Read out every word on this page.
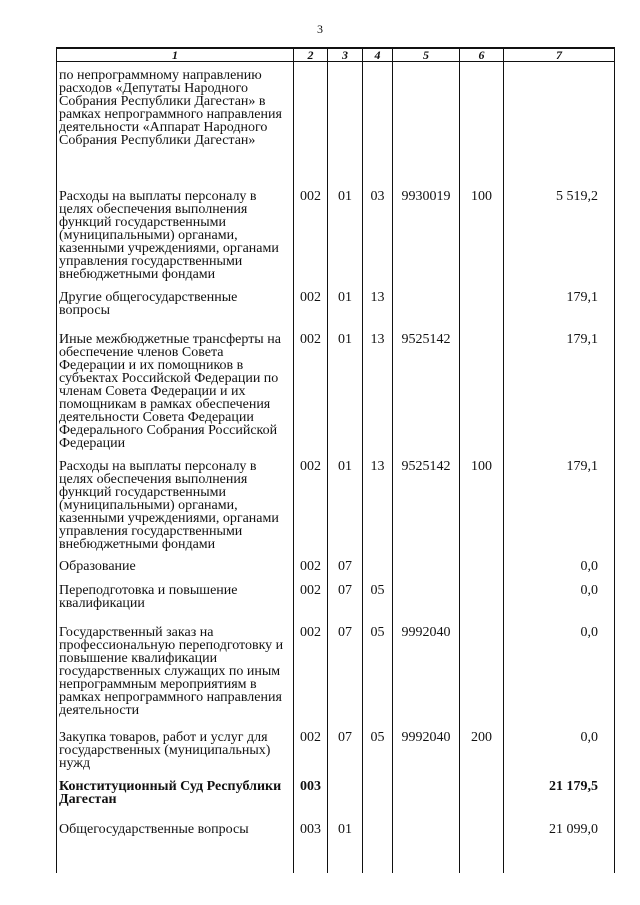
3
1	2	3	4	5	6	7
по непрограммному направлению расходов «Депутаты Народного Собрания Республики Дагестан» в рамках непрограммного направления деятельности «Аппарат Народного Собрания Республики Дагестан»						
Расходы на выплаты персоналу в целях обеспечения выполнения функций государственными (муниципальными) органами, казенными учреждениями, органами управления государственными внебюджетными фондами	002	01	03	9930019	100	5 519,2
Другие общегосударственные вопросы	002	01	13			179,1
Иные межбюджетные трансферты на обеспечение членов Совета Федерации и их помощников в субъектах Российской Федерации по членам Совета Федерации и их помощникам в рамках обеспечения деятельности Совета Федерации Федерального Собрания Российской Федерации	002	01	13	9525142		179,1
Расходы на выплаты персоналу в целях обеспечения выполнения функций государственными (муниципальными) органами, казенными учреждениями, органами управления государственными внебюджетными фондами	002	01	13	9525142	100	179,1
Образование	002	07				0,0
Переподготовка и повышение квалификации	002	07	05			0,0
Государственный заказ на профессиональную переподготовку и повышение квалификации государственных служащих по иным непрограммным мероприятиям в рамках непрограммного направления деятельности	002	07	05	9992040		0,0
Закупка товаров, работ и услуг для государственных (муниципальных) нужд	002	07	05	9992040	200	0,0
Конституционный Суд Республики Дагестан	003					21 179,5
Общегосударственные вопросы	003	01				21 099,0
